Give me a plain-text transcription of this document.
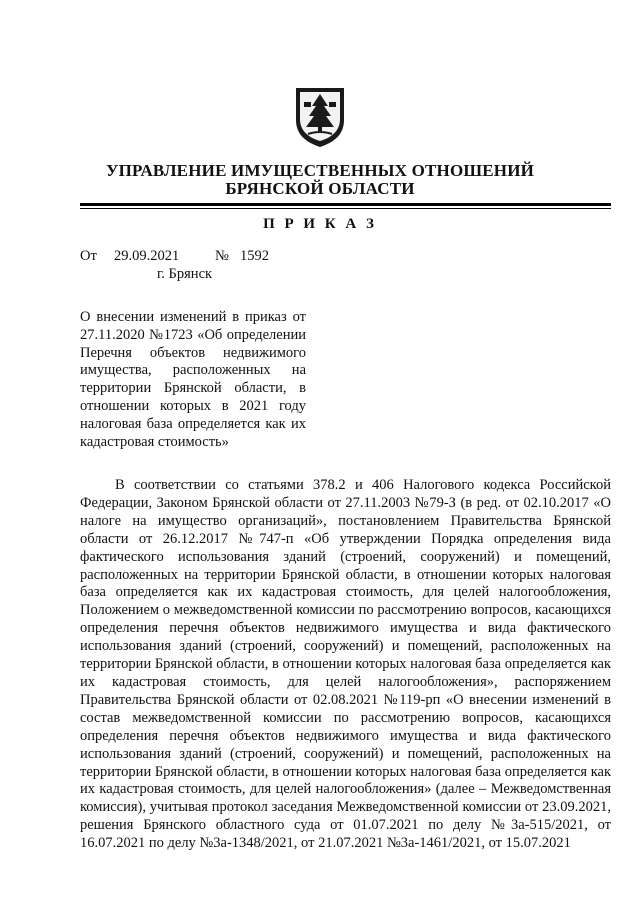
УПРАВЛЕНИЕ ИМУЩЕСТВЕННЫХ ОТНОШЕНИЙ
БРЯНСКОЙ ОБЛАСТИ
П Р И К А З
От 29.09.2021 № 1592
г. Брянск
О внесении изменений в приказ от 27.11.2020 №1723 «Об определении Перечня объектов недвижимого имущества, расположенных на территории Брянской области, в отношении которых в 2021 году налоговая база определяется как их кадастровая стоимость»
В соответствии со статьями 378.2 и 406 Налогового кодекса Российской Федерации, Законом Брянской области от 27.11.2003 №79-З (в ред. от 02.10.2017 «О налоге на имущество организаций», постановлением Правительства Брянской области от 26.12.2017 №747-п «Об утверждении Порядка определения вида фактического использования зданий (строений, сооружений) и помещений, расположенных на территории Брянской области, в отношении которых налоговая база определяется как их кадастровая стоимость, для целей налогообложения, Положением о межведомственной комиссии по рассмотрению вопросов, касающихся определения перечня объектов недвижимого имущества и вида фактического использования зданий (строений, сооружений) и помещений, расположенных на территории Брянской области, в отношении которых налоговая база определяется как их кадастровая стоимость, для целей налогообложения», распоряжением Правительства Брянской области от 02.08.2021 №119-рп «О внесении изменений в состав межведомственной комиссии по рассмотрению вопросов, касающихся определения перечня объектов недвижимого имущества и вида фактического использования зданий (строений, сооружений) и помещений, расположенных на территории Брянской области, в отношении которых налоговая база определяется как их кадастровая стоимость, для целей налогообложения» (далее – Межведомственная комиссия), учитывая протокол заседания Межведомственной комиссии от 23.09.2021, решения Брянского областного суда от 01.07.2021 по делу №3а-515/2021, от 16.07.2021 по делу №3а-1348/2021, от 21.07.2021 №3а-1461/2021, от 15.07.2021
